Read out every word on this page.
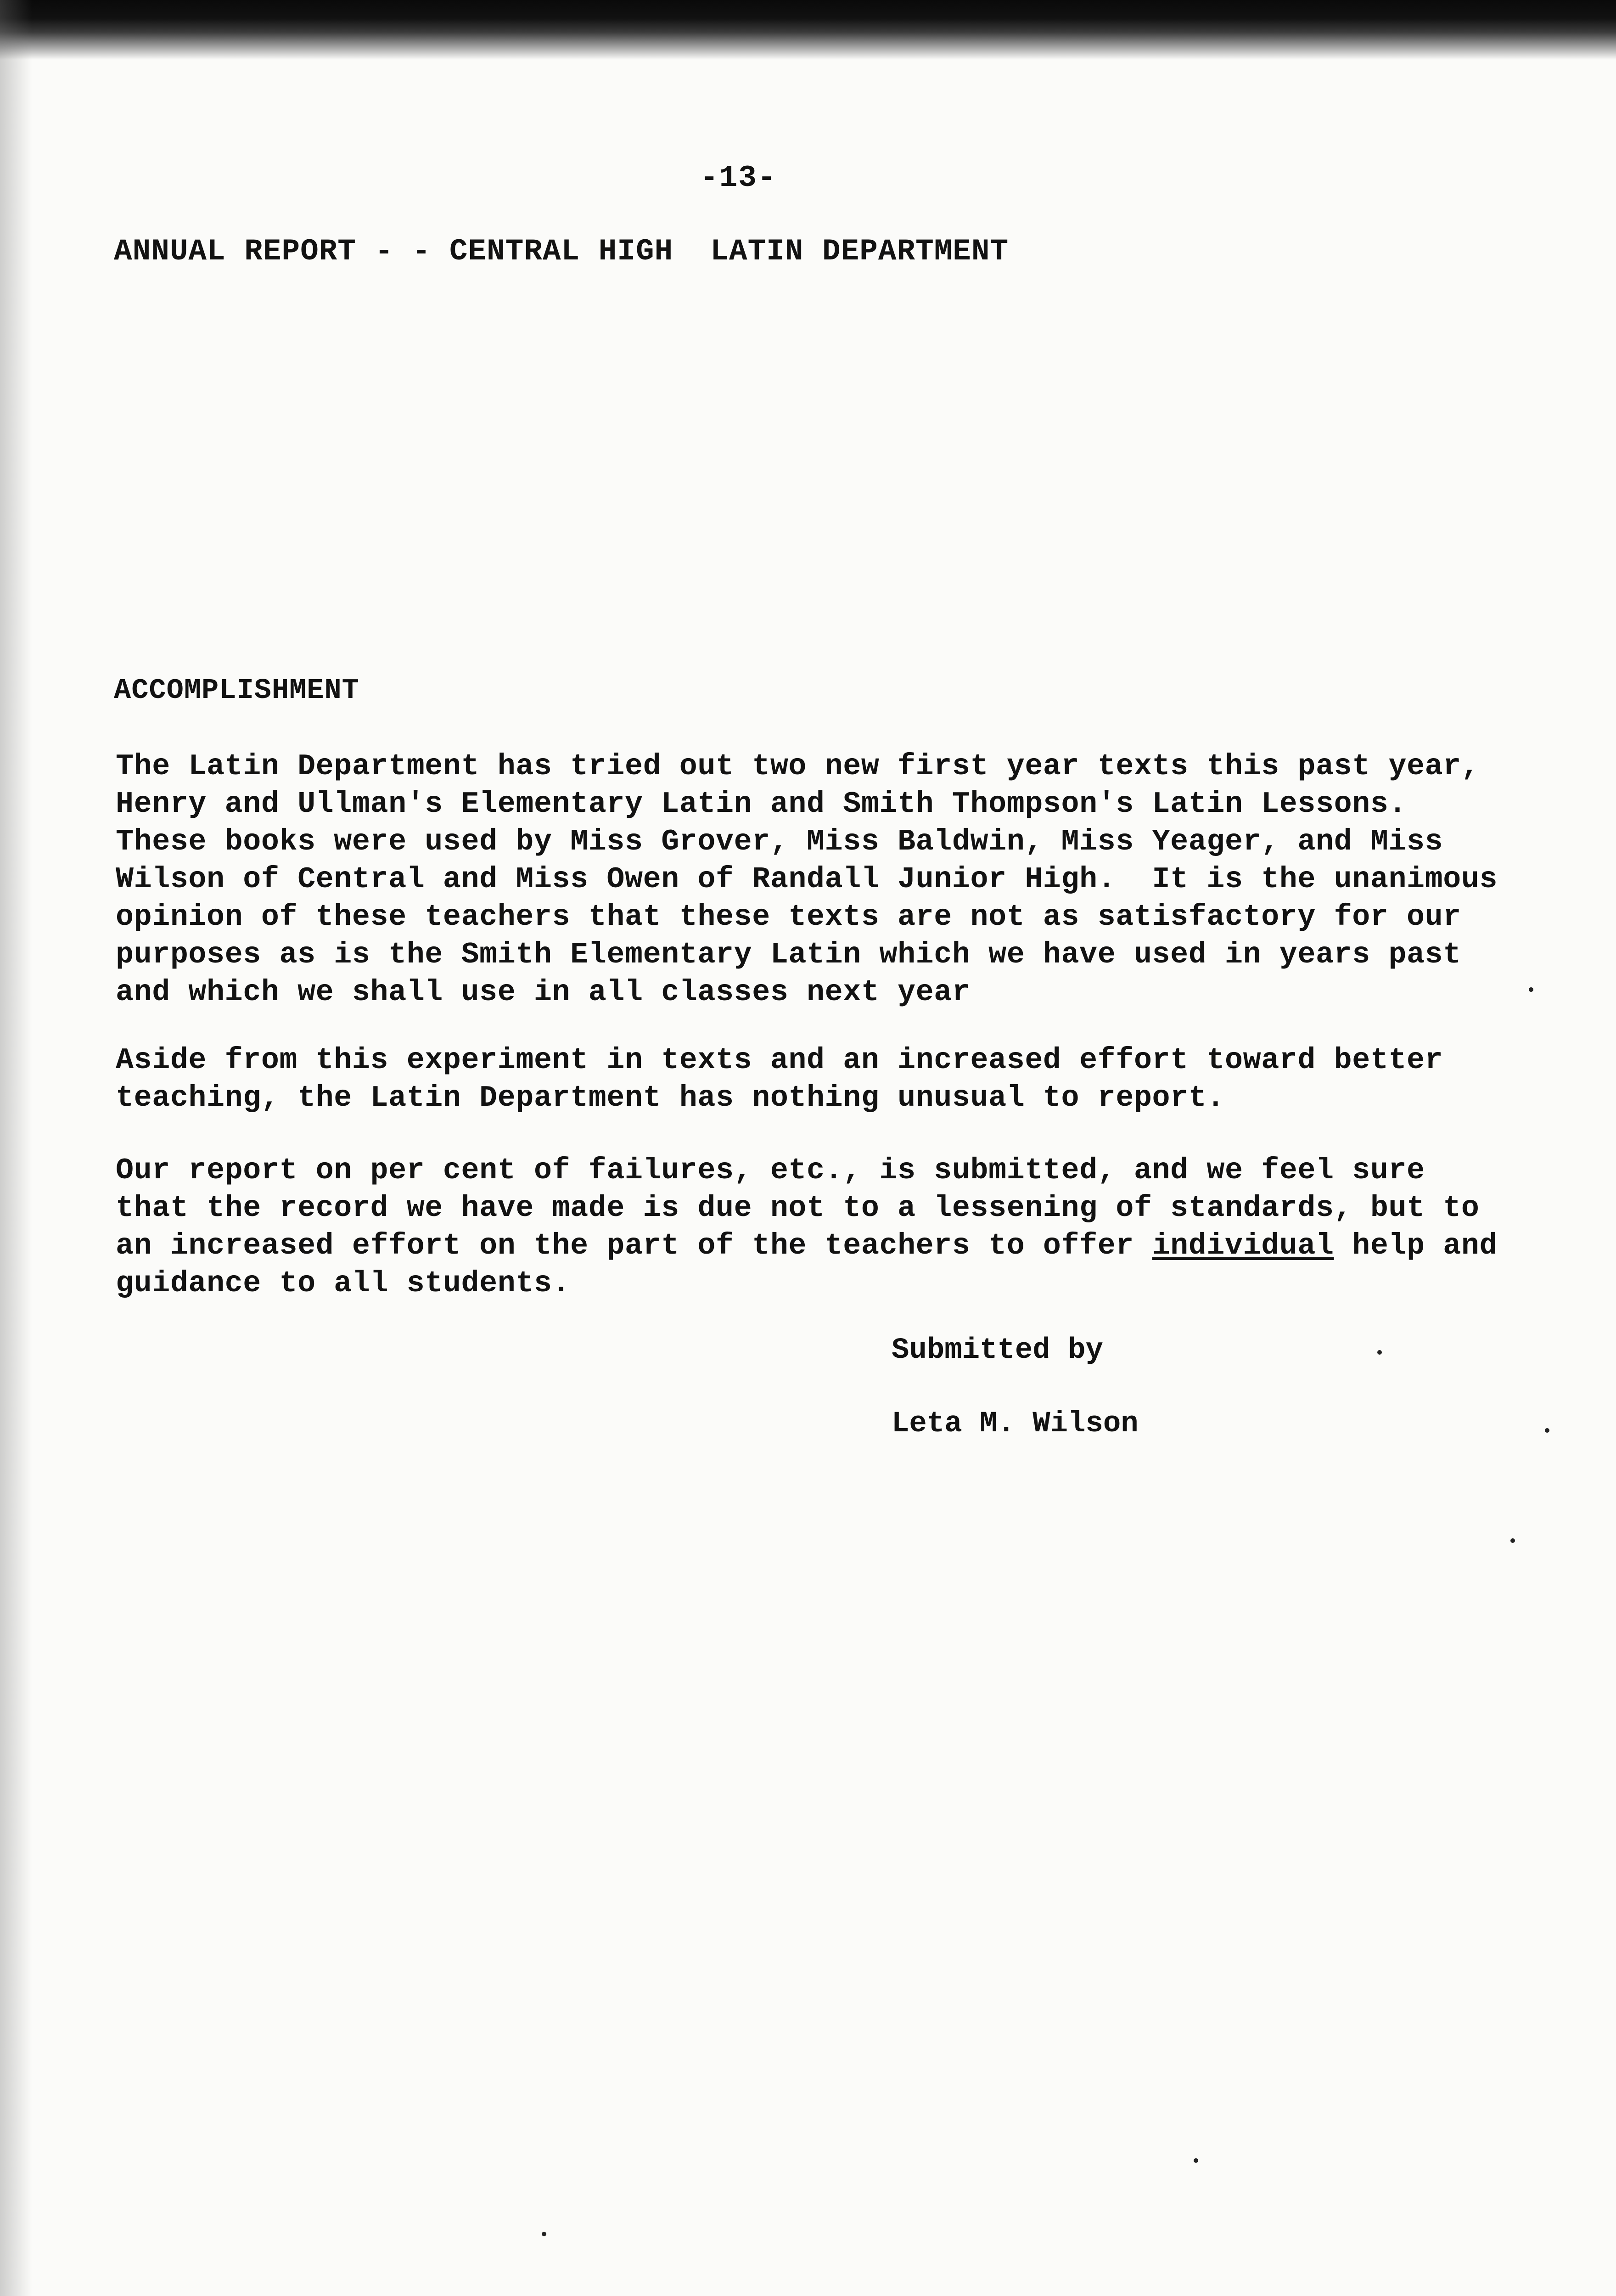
-13-

ANNUAL REPORT - - CENTRAL HIGH  LATIN DEPARTMENT

ACCOMPLISHMENT

The Latin Department has tried out two new first year texts this past year,

Henry and Ullman's Elementary Latin and Smith Thompson's Latin Lessons.

These books were used by Miss Grover, Miss Baldwin, Miss Yeager, and Miss

Wilson of Central and Miss Owen of Randall Junior High.  It is the unanimous

opinion of these teachers that these texts are not as satisfactory for our

purposes as is the Smith Elementary Latin which we have used in years past

and which we shall use in all classes next year

Aside from this experiment in texts and an increased effort toward better

teaching, the Latin Department has nothing unusual to report.

Our report on per cent of failures, etc., is submitted, and we feel sure

that the record we have made is due not to a lessening of standards, but to

an increased effort on the part of the teachers to offer individual help and

guidance to all students.

Submitted by

Leta M. Wilson
